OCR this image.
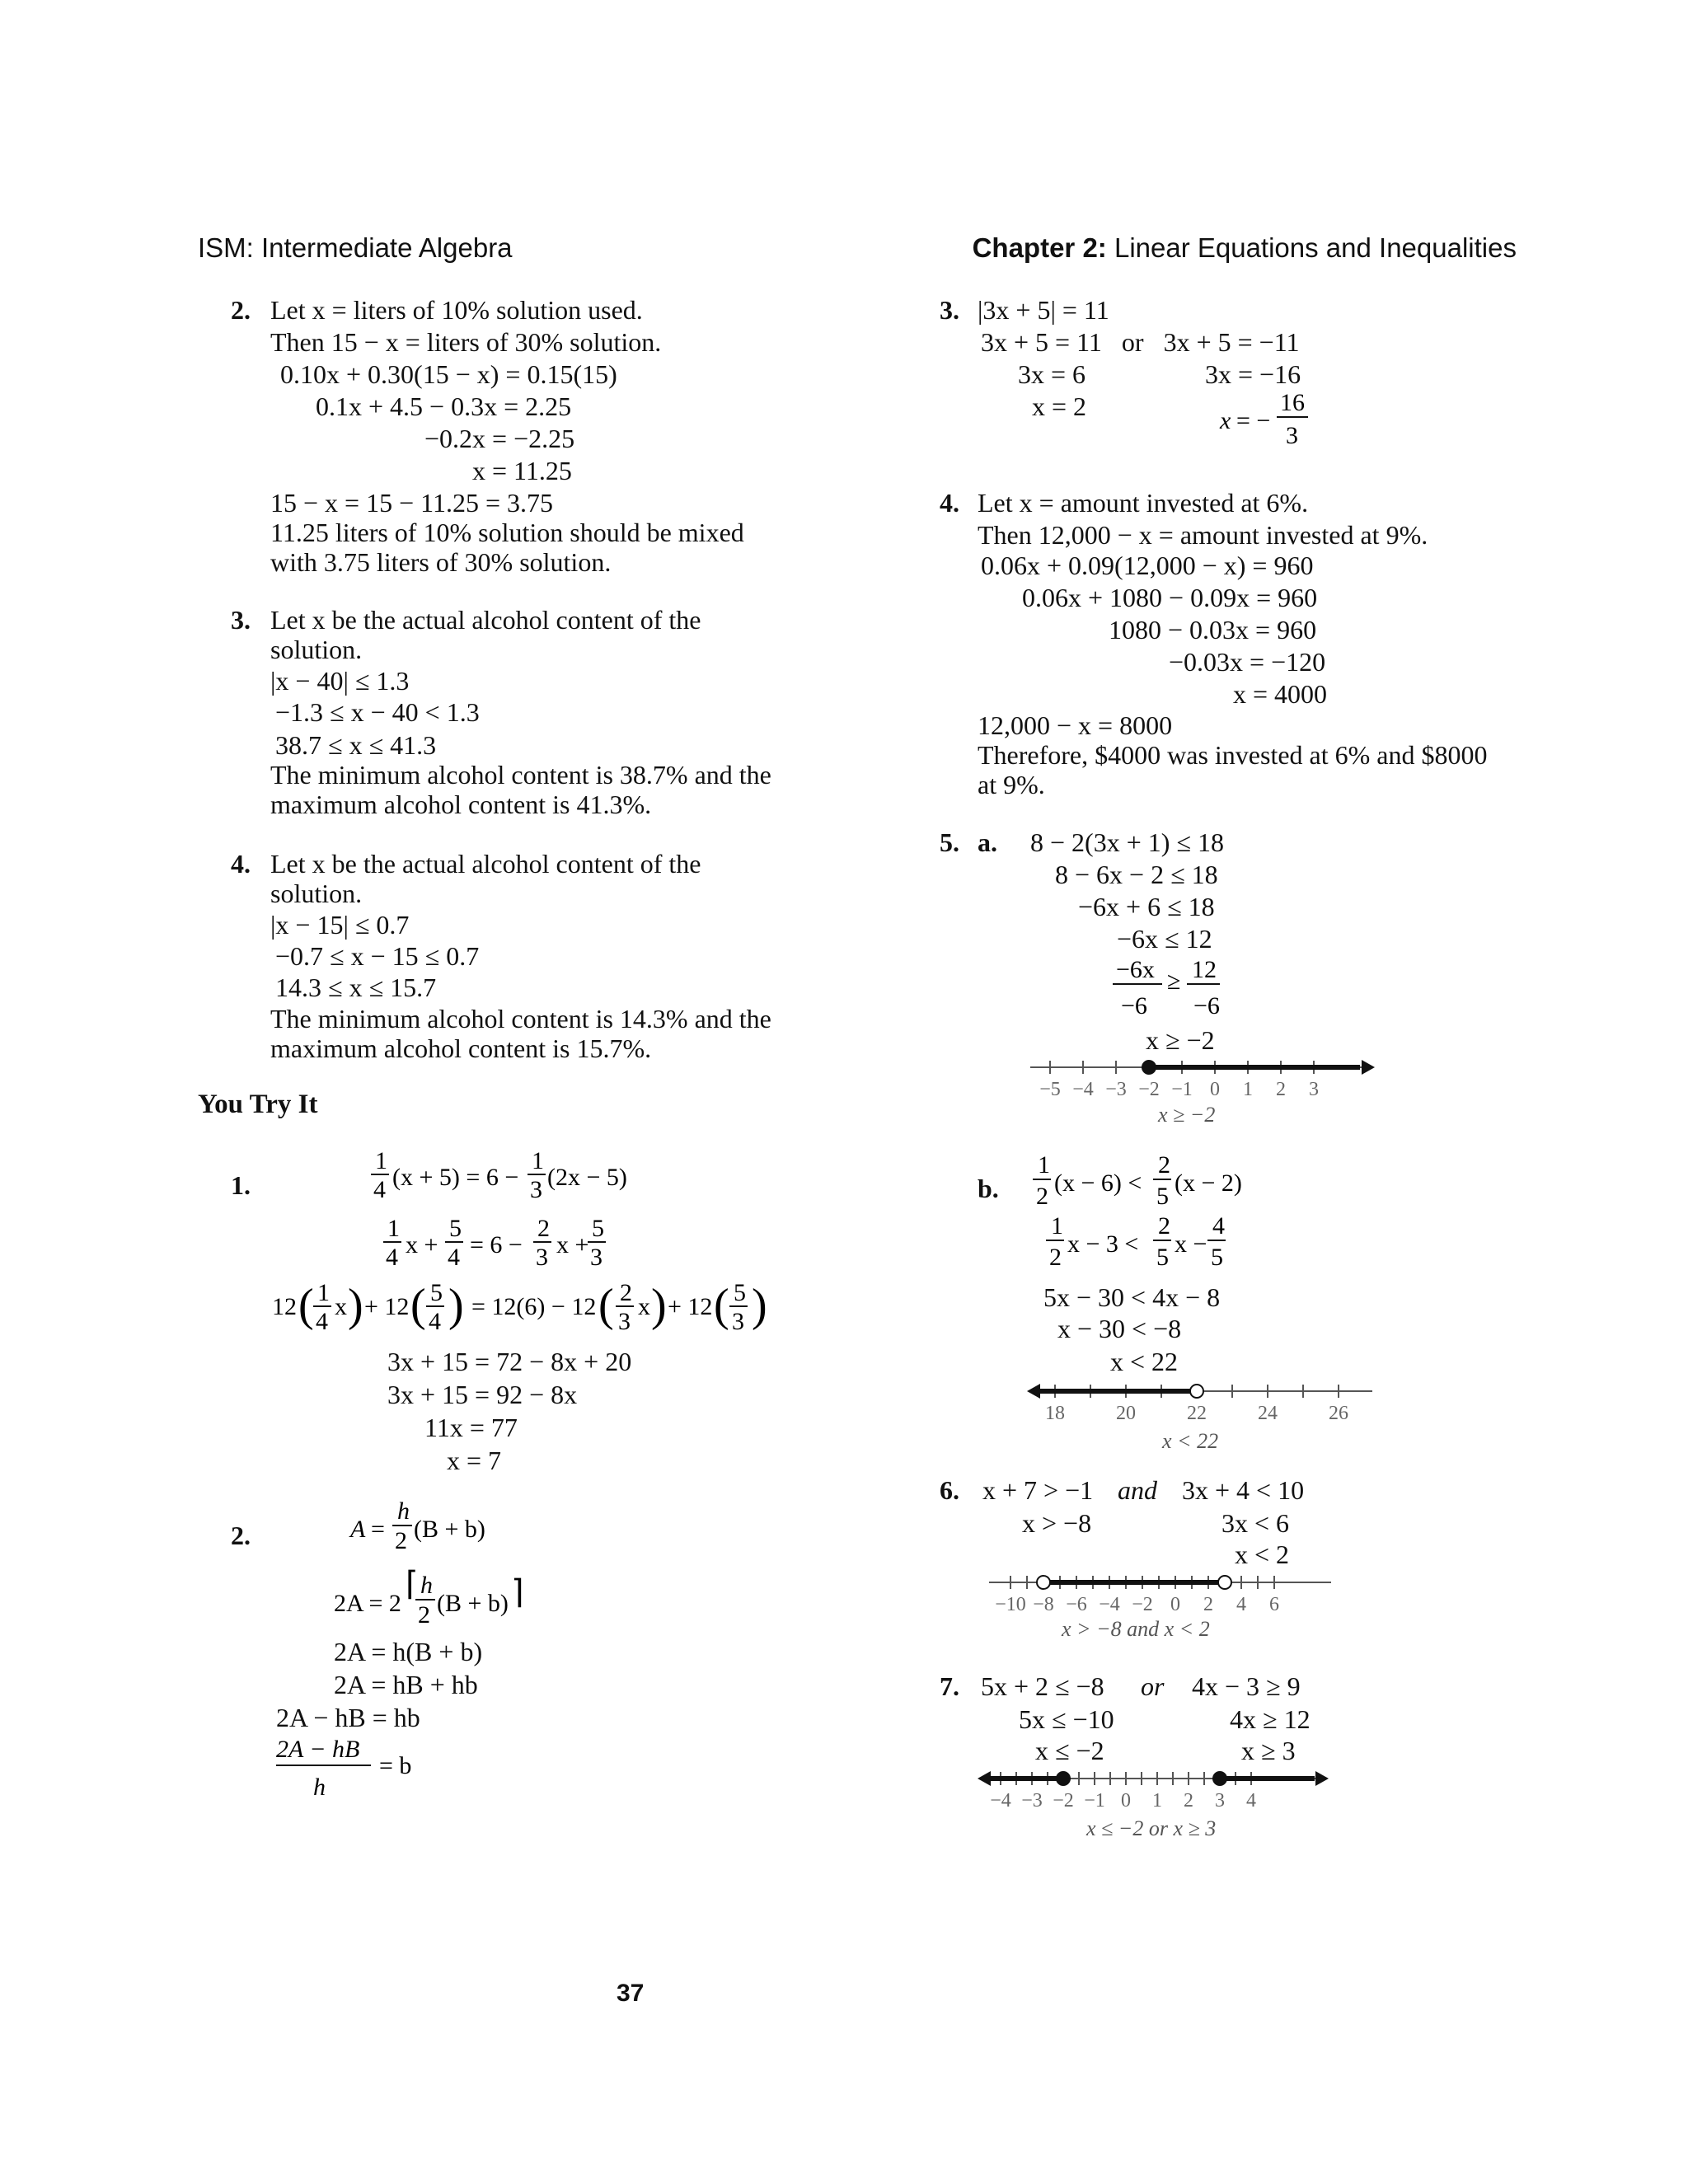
ISM: Intermediate Algebra	Chapter 2: Linear Equations and Inequalities
2. Let x = liters of 10% solution used.
Then 15 − x = liters of 30% solution.
0.10x + 0.30(15 − x) = 0.15(15)
0.1x + 4.5 − 0.3x = 2.25
−0.2x = −2.25
x = 11.25
15 − x = 15 − 11.25 = 3.75
11.25 liters of 10% solution should be mixed
with 3.75 liters of 30% solution.
3. Let x be the actual alcohol content of the
solution.
|x − 40| ≤ 1.3
−1.3 ≤ x − 40 < 1.3
38.7 ≤ x ≤ 41.3
The minimum alcohol content is 38.7% and the
maximum alcohol content is 41.3%.
4. Let x be the actual alcohol content of the
solution.
|x − 15| ≤ 0.7
−0.7 ≤ x − 15 ≤ 0.7
14.3 ≤ x ≤ 15.7
The minimum alcohol content is 14.3% and the
maximum alcohol content is 15.7%.
You Try It
1.
1
4 (x + 5) = 6 −
1
3 (2x − 5)
1
4 x +
5
4 = 6 −
2
3 x +
5
3
12 ( 1
4
x ) + 12 ( 5
4 ) = 12(6) − 12 ( 2
3
x ) + 12 ( 5
3 )
3x + 15 = 72 − 8x + 20
3x + 15 = 92 − 8x
11x = 77
x = 7
2.	A =
h
2 (B + b)
2A = 2
⌈ h
2 (B + b) ⌉
2A = h(B + b)
2A = hB + hb
2A − hB = hb
2A − hB
h
= b
3. |3x + 5| = 11
3x + 5 = 11   or   3x + 5 = −11
3x = 6	3x = −16
x = 2	x = −
16
3
4. Let x = amount invested at 6%.
Then 12,000 − x = amount invested at 9%.
0.06x + 0.09(12,000 − x) = 960
0.06x + 1080 − 0.09x = 960
1080 − 0.03x = 960
−0.03x = −120
x = 4000
12,000 − x = 8000
Therefore, $4000 was invested at 6% and $8000
at 9%.
5. a. 8 − 2(3x + 1) ≤ 18
8 − 6x − 2 ≤ 18
−6x + 6 ≤ 18
−6x ≤ 12
−6x
−6
≥ 12
−6
x ≥ −2
−5 −4 −3 −2 −1 0 1 2 3
x ≥ −2
b.
1
2 (x − 6) <
2
5 (x − 2)
1
2 x − 3 <
2
5 x −
4
5
5x − 30 < 4x − 8
x − 30 < −8
x < 22
18	20	22	24	26
x < 22
6. x + 7 > −1 and 3x + 4 < 10
x > −8	3x < 6
x < 2
−10 −8 −6 −4 −2 0 2 4 6
x > −8 and x < 2
7. 5x + 2 ≤ −8 or 4x − 3 ≥ 9
5x ≤ −10	4x ≥ 12
x ≤ −2	x ≥ 3
−4 −3 −2 −1 0 1 2 3 4
x ≤ −2 or x ≥ 3
37
